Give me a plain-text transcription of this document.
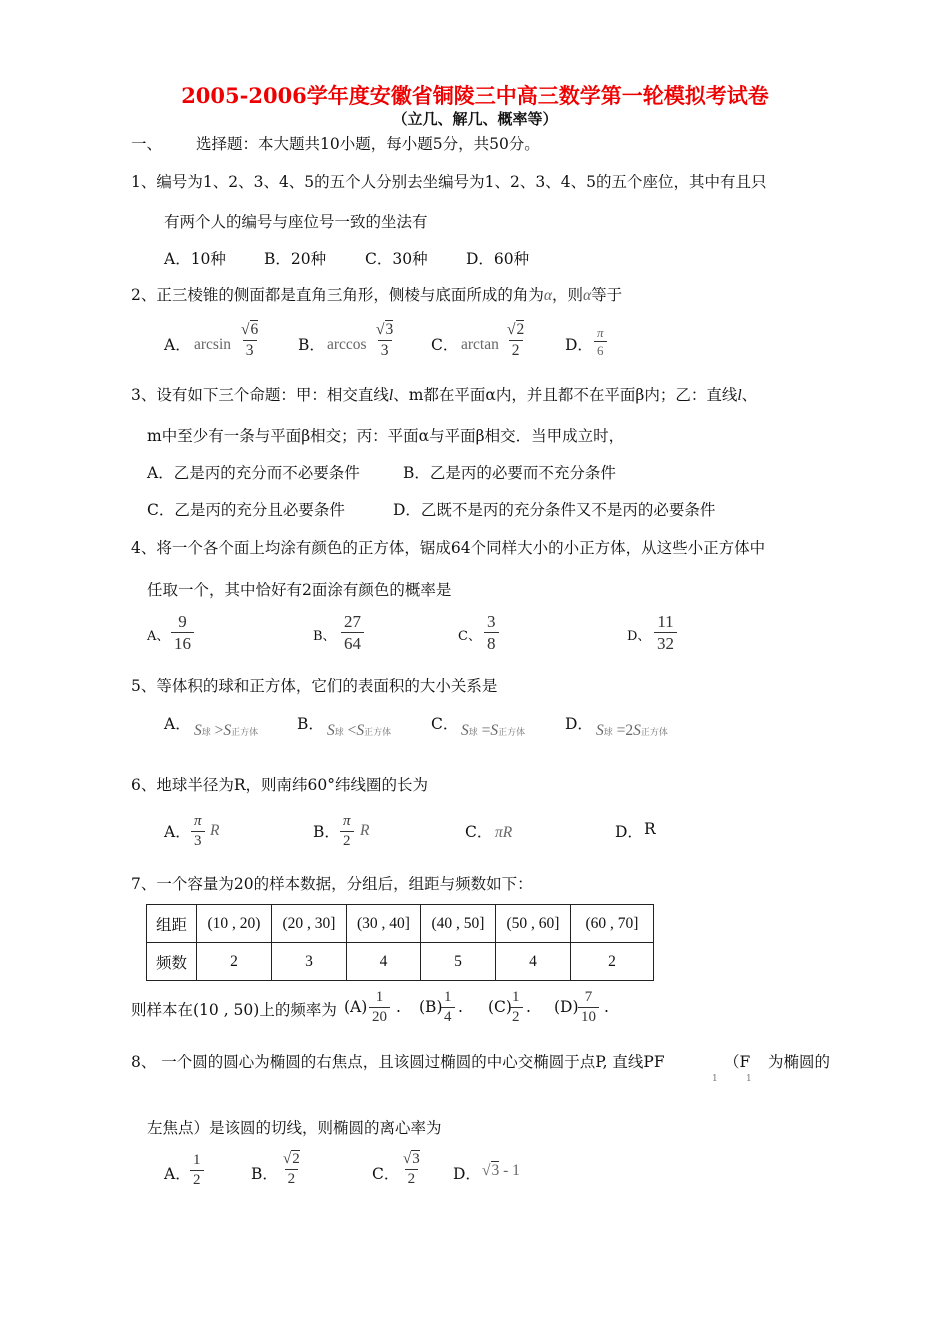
2005-2006学年度安徽省铜陵三中高三数学第一轮模拟考试卷
（立几、解几、概率等）
一、 选择题：本大题共10小题，每小题5分，共50分。
1、编号为1、2、3、4、5的五个人分别去坐编号为1、2、3、4、5的五个座位，其中有且只
有两个人的编号与座位号一致的坐法有
A．10种 B．20种	C．30种 D．60种
2、正三棱锥的侧面都是直角三角形，侧棱与底面所成的角为α，则α等于
A． arcsin
√6
3	B． arccos
√3
3	C． arctan
√2
2	D．
π
6
3、设有如下三个命题：甲：相交直线l、m都在平面α内，并且都不在平面β内；乙：直线l、
m中至少有一条与平面β相交；丙：平面α与平面β相交．当甲成立时，
A．乙是丙的充分而不必要条件	B．乙是丙的必要而不充分条件
C．乙是丙的充分且必要条件	D．乙既不是丙的充分条件又不是丙的必要条件
4、将一个各个面上均涂有颜色的正方体，锯成64个同样大小的小正方体，从这些小正方体中
任取一个，其中恰好有2面涂有颜色的概率是
A、 $\frac{9}{16}$	B、 $\frac{27}{64}$	C、 $\frac{3}{8}$	D、 $\frac{11}{32}$
5、等体积的球和正方体，它们的表面积的大小关系是
A． S球 >S正方体	B． S球 <S正方体	C． S球 =S正方体	D． S球 =2S正方体
6、地球半径为R，则南纬60°纬线圈的长为
A．
π
3
R	B．
π
2
R	C． πR	D． R
7、一个容量为20的样本数据，分组后，组距与频数如下：
组距	(10 , 20)	(20 , 30]	(30 , 40]	(40 , 50]	(50 , 60]	(60 , 70]
频数	2	3	4	5	4	2
则样本在(10 , 50)上的频率为 $(A) \frac{1}{20}$ . (B)
$\frac{1}{4}$ . (C)
$\frac{1}{2}$ . $(D) \frac{7}{10}$ .
8、 一个圆的圆心为椭圆的右焦点，且该圆过椭圆的中心交椭圆于点P, 直线PF	（F 为椭圆的
1	1
左焦点）是该圆的切线，则椭圆的离心率为
A． $\frac{1}{2}$	B．
√2
2	C．
√3
2 D． √3 - 1
